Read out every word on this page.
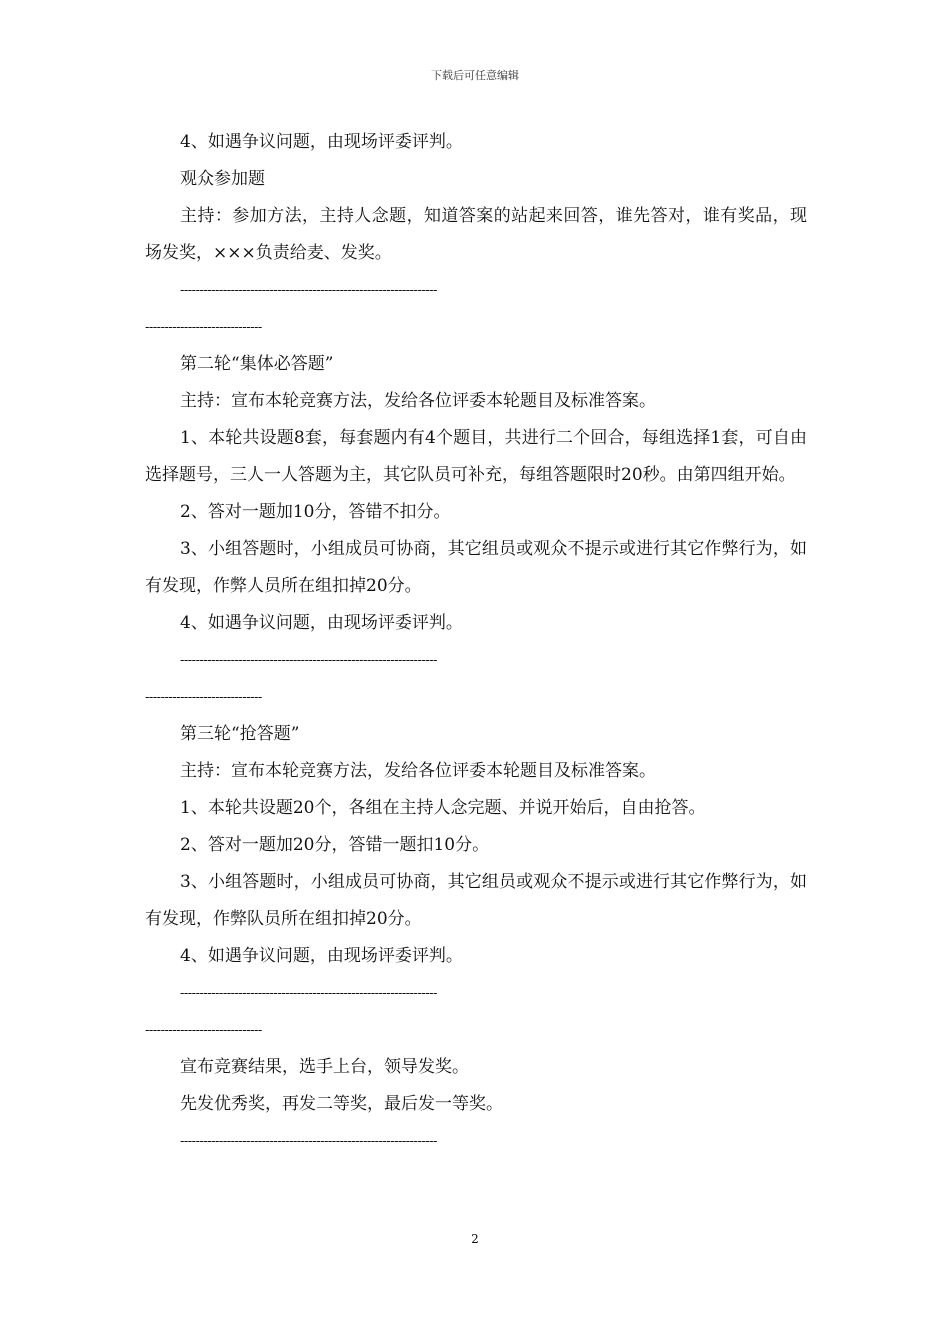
下载后可任意编辑

4、如遇争议问题，由现场评委评判。

观众参加题

主持：参加方法，主持人念题，知道答案的站起来回答，谁先答对，谁有奖品，现场发奖，×××负责给麦、发奖。

------------------------------------------------------------------
------------------------------

第二轮“集体必答题”

主持：宣布本轮竞赛方法，发给各位评委本轮题目及标准答案。

1、本轮共设题8套，每套题内有4个题目，共进行二个回合，每组选择1套，可自由选择题号，三人一人答题为主，其它队员可补充，每组答题限时20秒。由第四组开始。

2、答对一题加10分，答错不扣分。

3、小组答题时，小组成员可协商，其它组员或观众不提示或进行其它作弊行为，如有发现，作弊人员所在组扣掉20分。

4、如遇争议问题，由现场评委评判。

------------------------------------------------------------------
------------------------------

第三轮“抢答题”

主持：宣布本轮竞赛方法，发给各位评委本轮题目及标准答案。

1、本轮共设题20个，各组在主持人念完题、并说开始后，自由抢答。

2、答对一题加20分，答错一题扣10分。

3、小组答题时，小组成员可协商，其它组员或观众不提示或进行其它作弊行为，如有发现，作弊队员所在组扣掉20分。

4、如遇争议问题，由现场评委评判。

------------------------------------------------------------------
------------------------------

宣布竞赛结果，选手上台，领导发奖。

先发优秀奖，再发二等奖，最后发一等奖。

------------------------------------------------------------------
2
